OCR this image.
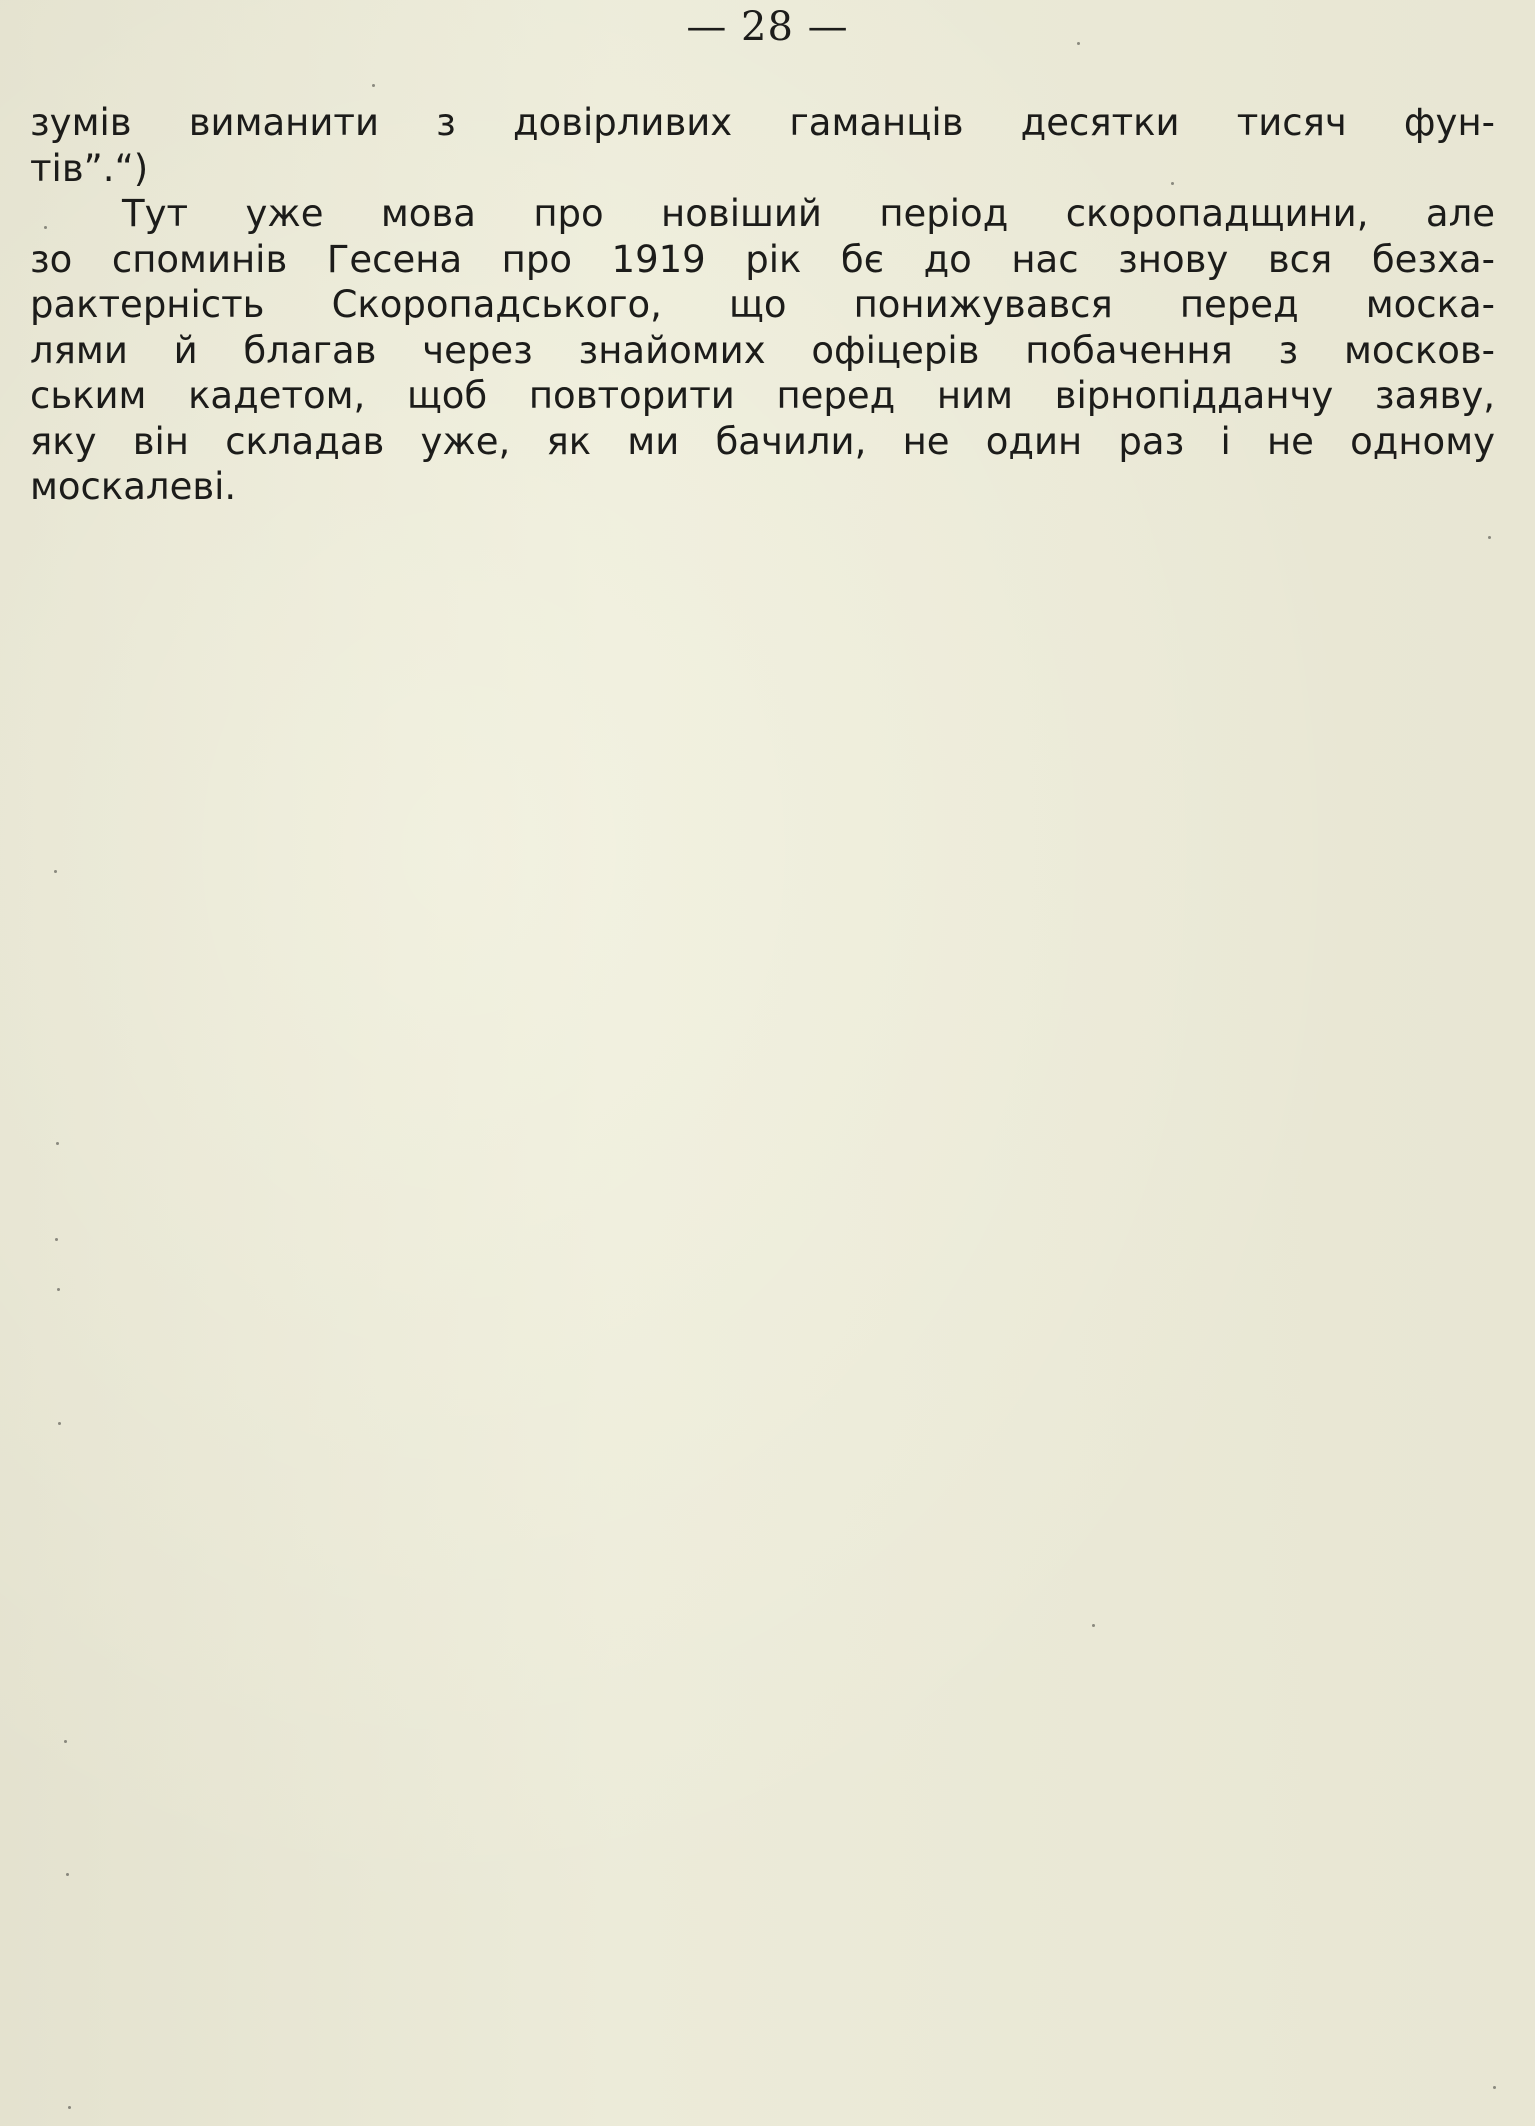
— 28 —
зумів виманити з довірливих гаманців десятки тисяч фун-
тів”.“)
Тут уже мова про новіший період скоропадщини, але
зо споминів Гесена про 1919 рік бє до нас знову вся безха-
рактерність Скоропадського, що понижувався перед моска-
лями й благав через знайомих офіцерів побачення з москов-
ським кадетом, щоб повторити перед ним вірнопідданчу заяву,
яку він складав уже, як ми бачили, не один раз і не одному
москалеві.
